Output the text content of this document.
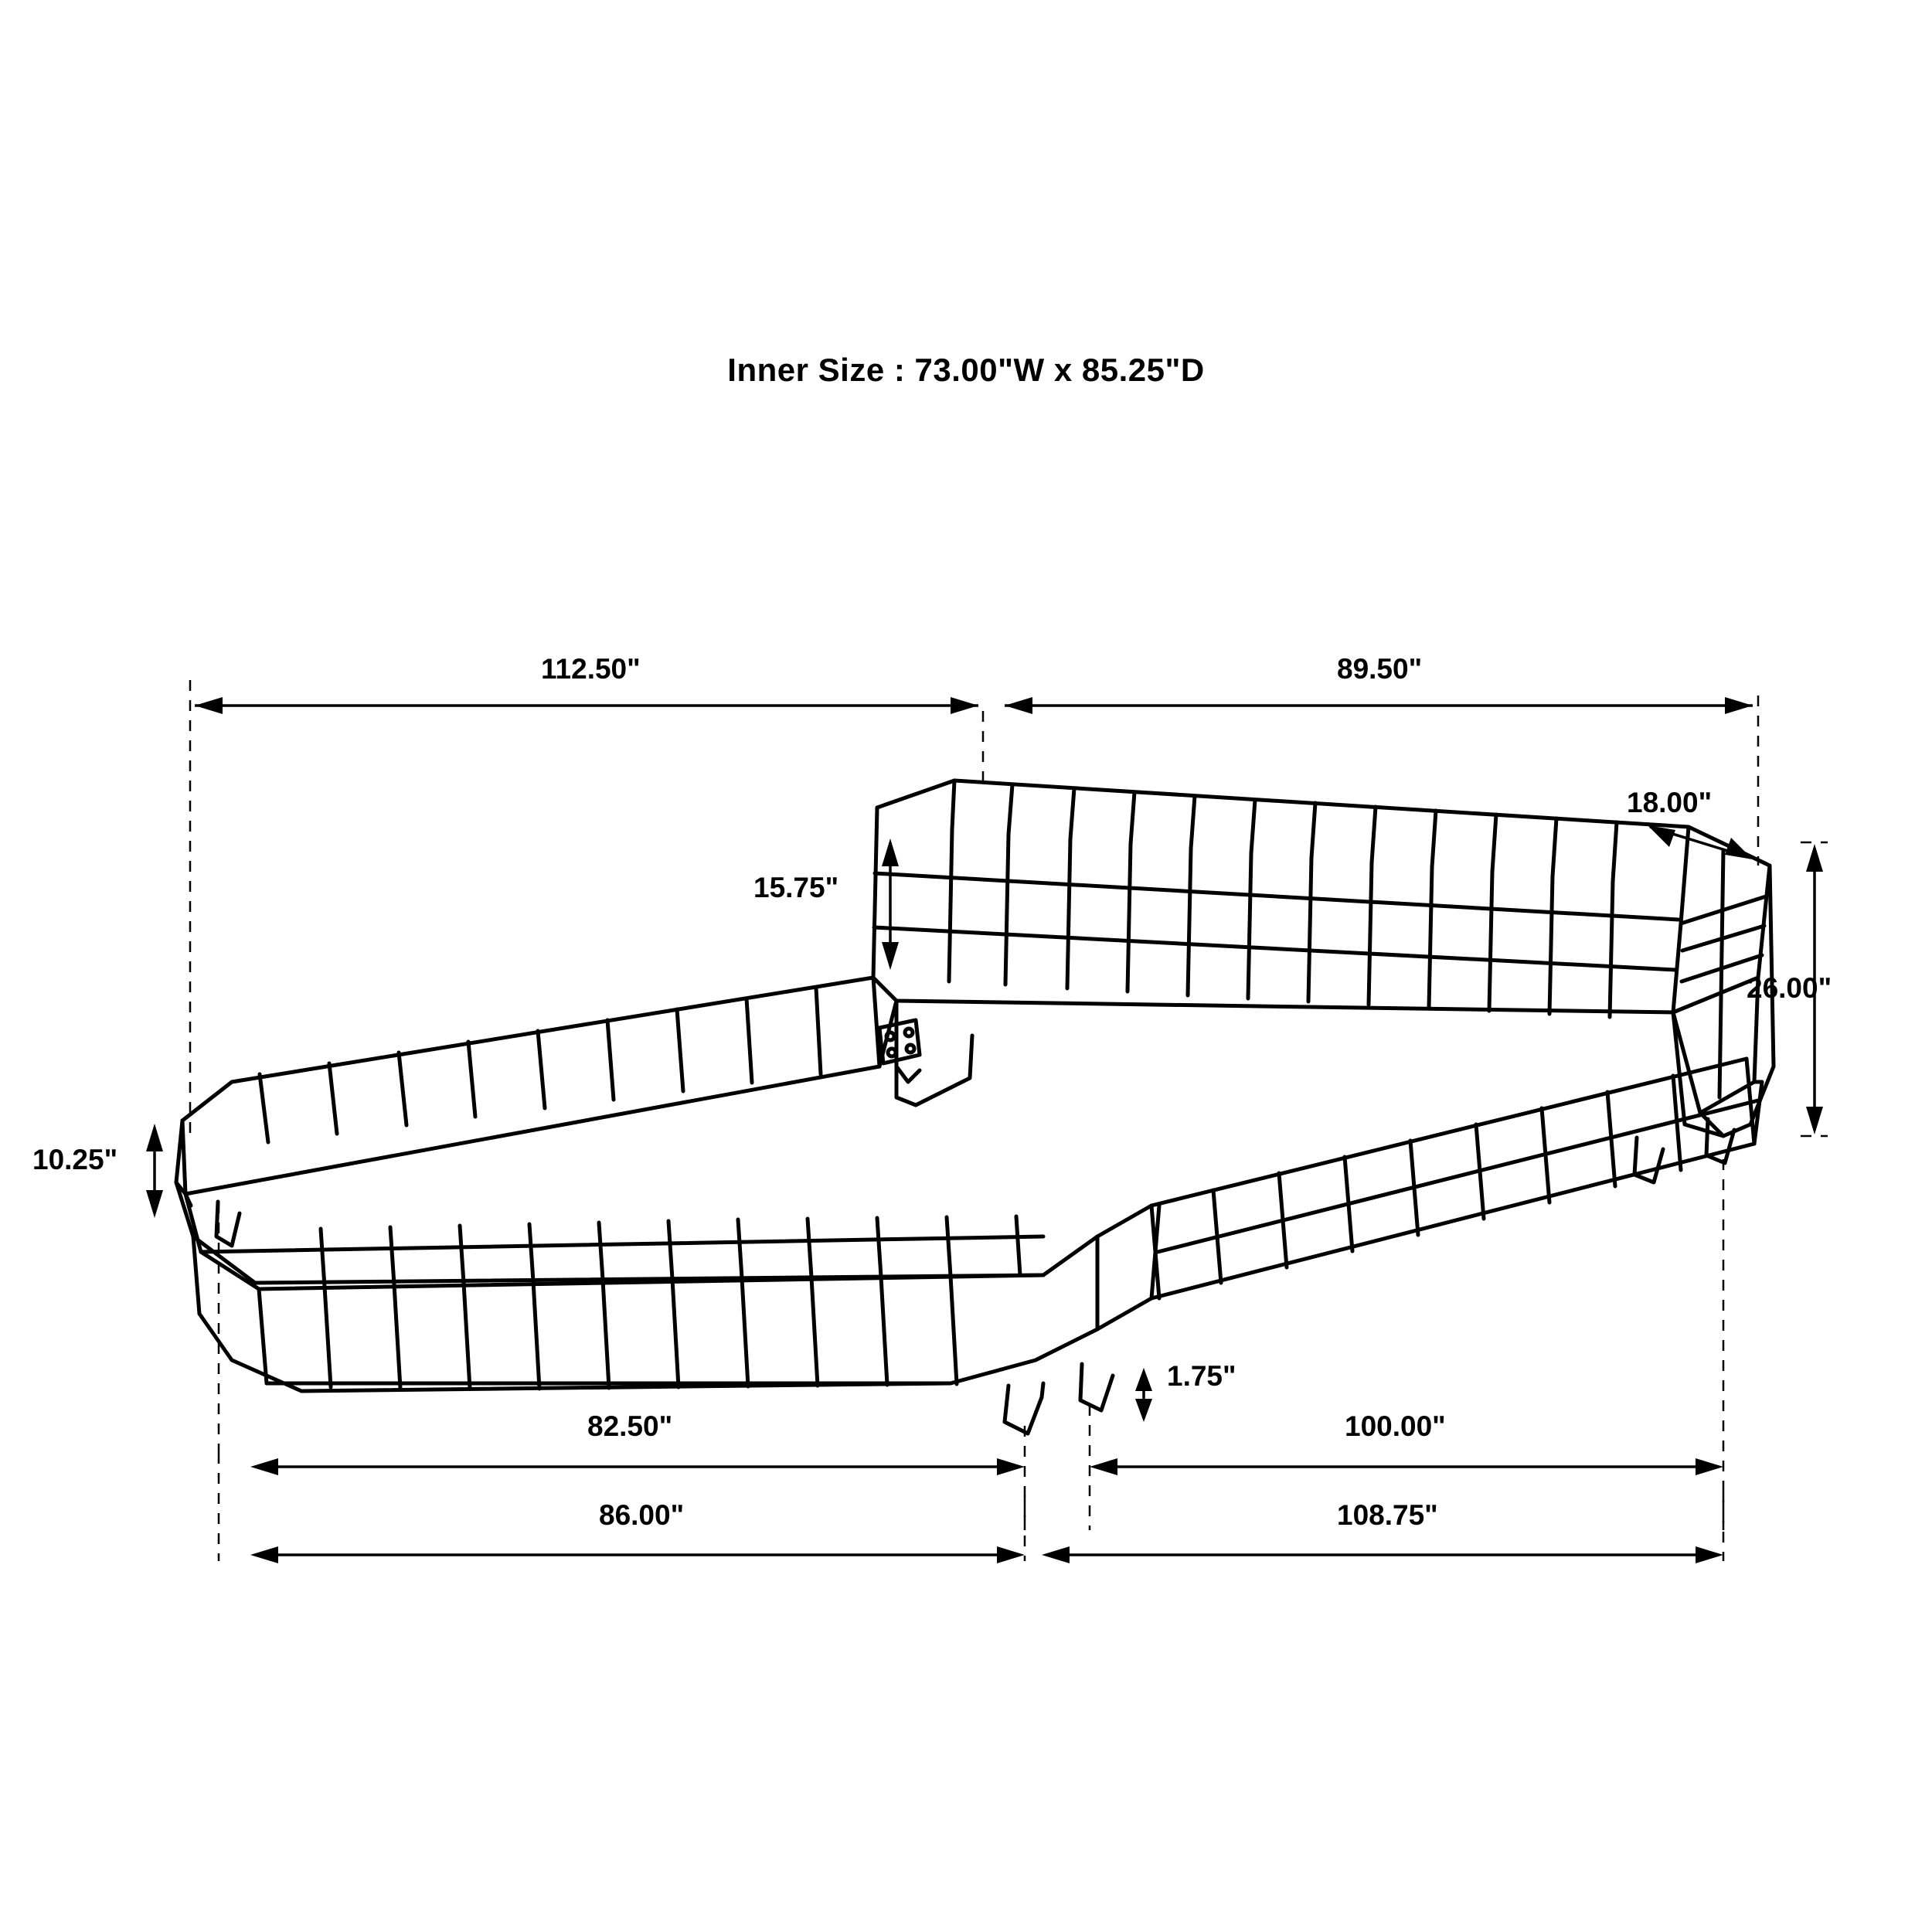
Inner Size : 73.00"W x 85.25"D
112.50"	89.50"
15.75"
18.00"
26.00"
10.25"
1.75"
82.50"	100.00"
86.00"	108.75"
